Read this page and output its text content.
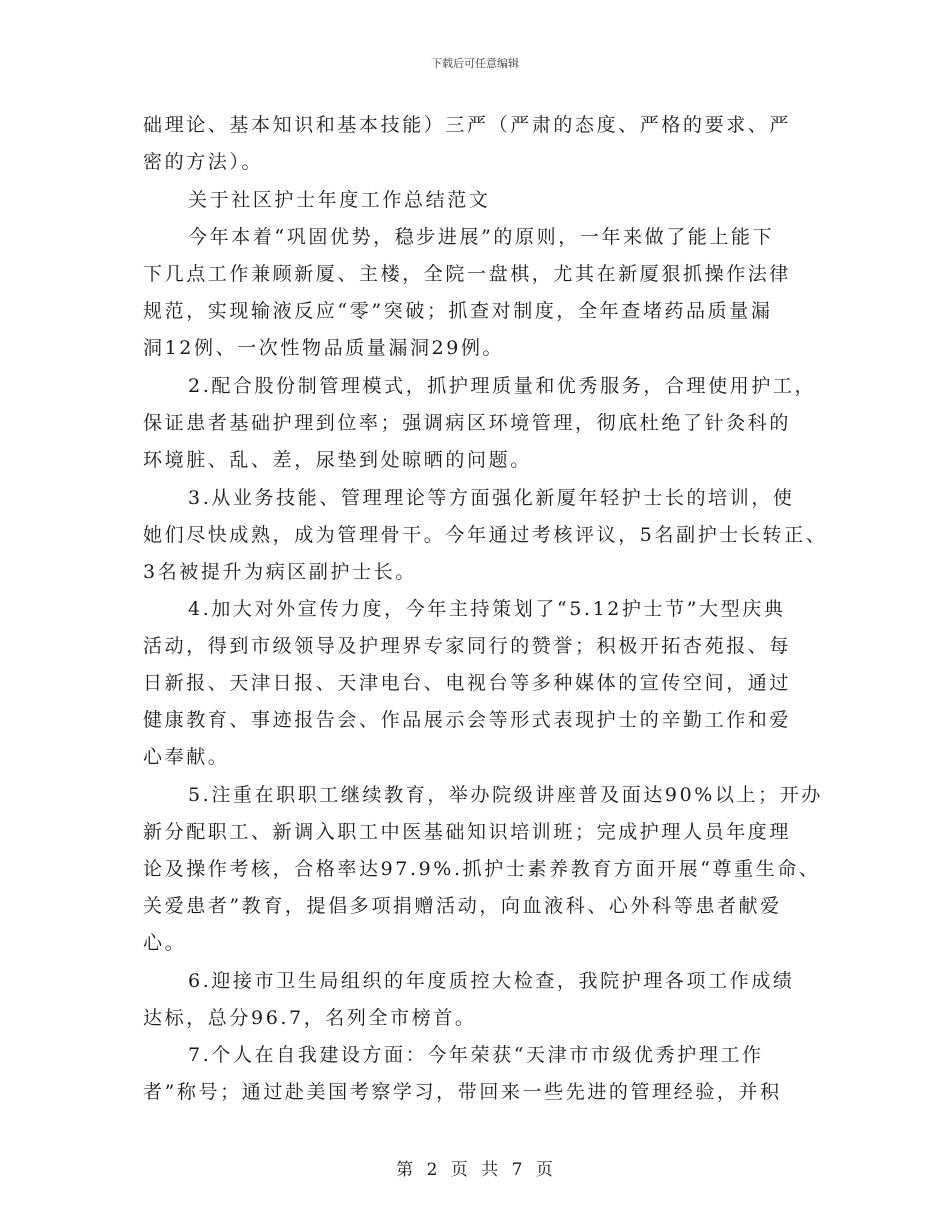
下载后可任意编辑
础理论、基本知识和基本技能）三严（严肃的态度、严格的要求、严
密的方法）。
关于社区护士年度工作总结范文
今年本着“巩固优势，稳步进展”的原则，一年来做了能上能下
下几点工作兼顾新厦、主楼，全院一盘棋，尤其在新厦狠抓操作法律
规范，实现输液反应“零”突破；抓查对制度，全年查堵药品质量漏
洞12例、一次性物品质量漏洞29例。
2.配合股份制管理模式，抓护理质量和优秀服务，合理使用护工，
保证患者基础护理到位率；强调病区环境管理，彻底杜绝了针灸科的
环境脏、乱、差，尿垫到处晾晒的问题。
3.从业务技能、管理理论等方面强化新厦年轻护士长的培训，使
她们尽快成熟，成为管理骨干。今年通过考核评议，5名副护士长转正、
3名被提升为病区副护士长。
4.加大对外宣传力度，今年主持策划了“5.12护士节”大型庆典
活动，得到市级领导及护理界专家同行的赞誉；积极开拓杏苑报、每
日新报、天津日报、天津电台、电视台等多种媒体的宣传空间，通过
健康教育、事迹报告会、作品展示会等形式表现护士的辛勤工作和爱
心奉献。
5.注重在职职工继续教育，举办院级讲座普及面达90%以上；开办
新分配职工、新调入职工中医基础知识培训班；完成护理人员年度理
论及操作考核，合格率达97.9%.抓护士素养教育方面开展“尊重生命、
关爱患者”教育，提倡多项捐赠活动，向血液科、心外科等患者献爱
心。
6.迎接市卫生局组织的年度质控大检查，我院护理各项工作成绩
达标，总分96.7，名列全市榜首。
7.个人在自我建设方面：今年荣获“天津市市级优秀护理工作
者”称号；通过赴美国考察学习，带回来一些先进的管理经验，并积
第 2 页 共 7 页
